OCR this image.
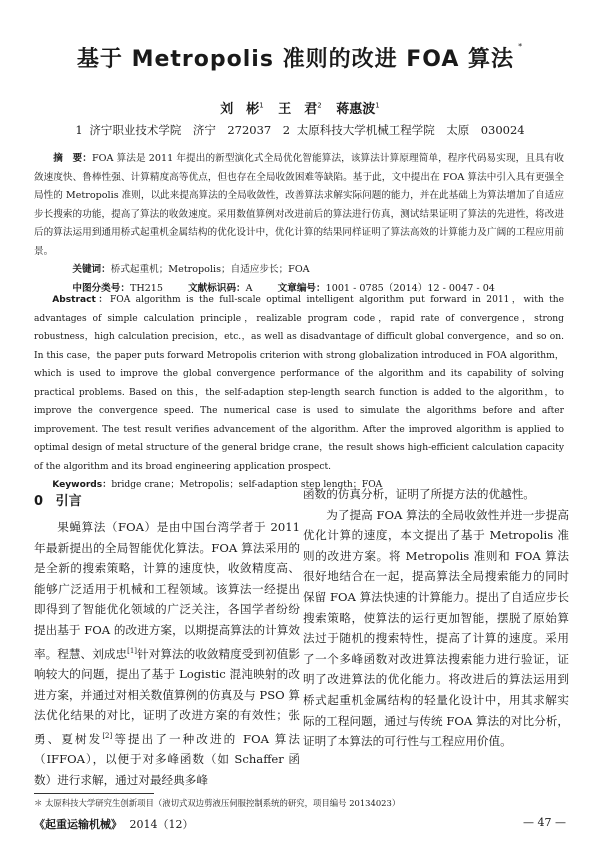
基于 Metropolis 准则的改进 FOA 算法*
刘　彬$^1$ 王　君$^2$ 蒋惠波$^1$
1 济宁职业技术学院　济宁　272037　2 太原科技大学机械工程学院　太原　030024

摘　要：FOA 算法是 2011 年提出的新型演化式全局优化智能算法，该算法计算原理简单，程序代码易实现，且具有收敛速度快、鲁棒性强、计算精度高等优点，但也存在全局收敛困难等缺陷。基于此，文中提出在 FOA 算法中引入具有更强全局性的 Metropolis 准则，以此来提高算法的全局收敛性，改善算法求解实际问题的能力，并在此基础上为算法增加了自适应步长搜索的功能，提高了算法的收敛速度。采用数值算例对改进前后的算法进行仿真，测试结果证明了算法的先进性，将改进后的算法运用到通用桥式起重机金属结构的优化设计中，优化计算的结果同样证明了算法高效的计算能力及广阔的工程应用前景。

关键词：桥式起重机；Metropolis；自适应步长；FOA

中图分类号：TH215	文献标识码：A	文章编号：1001 - 0785（2014）12 - 0047 - 04

Abstract：FOA algorithm is the full-scale optimal intelligent algorithm put forward in 2011，with the advantages of simple calculation principle，realizable program code，rapid rate of convergence，strong robustness，high calculation precision，etc.，as well as disadvantage of difficult global convergence，and so on. In this case，the paper puts forward Metropolis criterion with strong globalization introduced in FOA algorithm，which is used to improve the global convergence performance of the algorithm and its capability of solving practical problems. Based on this，the self-adaption step-length search function is added to the algorithm，to improve the convergence speed. The numerical case is used to simulate the algorithms before and after improvement. The test result verifies advancement of the algorithm. After the improved algorithm is applied to optimal design of metal structure of the general bridge crane，the result shows high-efficient calculation capacity of the algorithm and its broad engineering application prospect.

Keywords：bridge crane；Metropolis；self-adaption step length；FOA

0 引言

果蝇算法（FOA）是由中国台湾学者于 2011 年最新提出的全局智能优化算法。FOA 算法采用的是全新的搜索策略，计算的速度快，收敛精度高、能够广泛适用于机械和工程领域。该算法一经提出即得到了智能优化领域的广泛关注，各国学者纷纷提出基于 FOA 的改进方案，以期提高算法的计算效率。程慧、刘成忠[1]针对算法的收敛精度受到初值影响较大的问题，提出了基于 Logistic 混沌映射的改进方案，并通过对相关数值算例的仿真及与 PSO 算法优化结果的对比，证明了改进方案的有效性；张勇、夏树发[2]等提出了一种改进的 FOA 算法（IFFOA），以便于对多峰函数（如 Schaffer 函数）进行求解，通过对最经典多峰

函数的仿真分析，证明了所提方法的优越性。

为了提高 FOA 算法的全局收敛性并进一步提高优化计算的速度，本文提出了基于 Metropolis 准则的改进方案。将 Metropolis 准则和 FOA 算法很好地结合在一起，提高算法全局搜索能力的同时保留 FOA 算法快速的计算能力。提出了自适应步长搜索策略，使算法的运行更加智能，摆脱了原始算法过于随机的搜索特性，提高了计算的速度。采用了一个多峰函数对改进算法搜索能力进行验证，证明了改进算法的优化能力。将改进后的算法运用到桥式起重机金属结构的轻量化设计中，用其求解实际的工程问题，通过与传统 FOA 算法的对比分析，证明了本算法的可行性与工程应用价值。

＊ 太原科技大学研究生创新项目（液切式双边剪液压伺服控制系统的研究，项目编号 20134023）
《起重运输机械》 2014（12）	— 47 —
